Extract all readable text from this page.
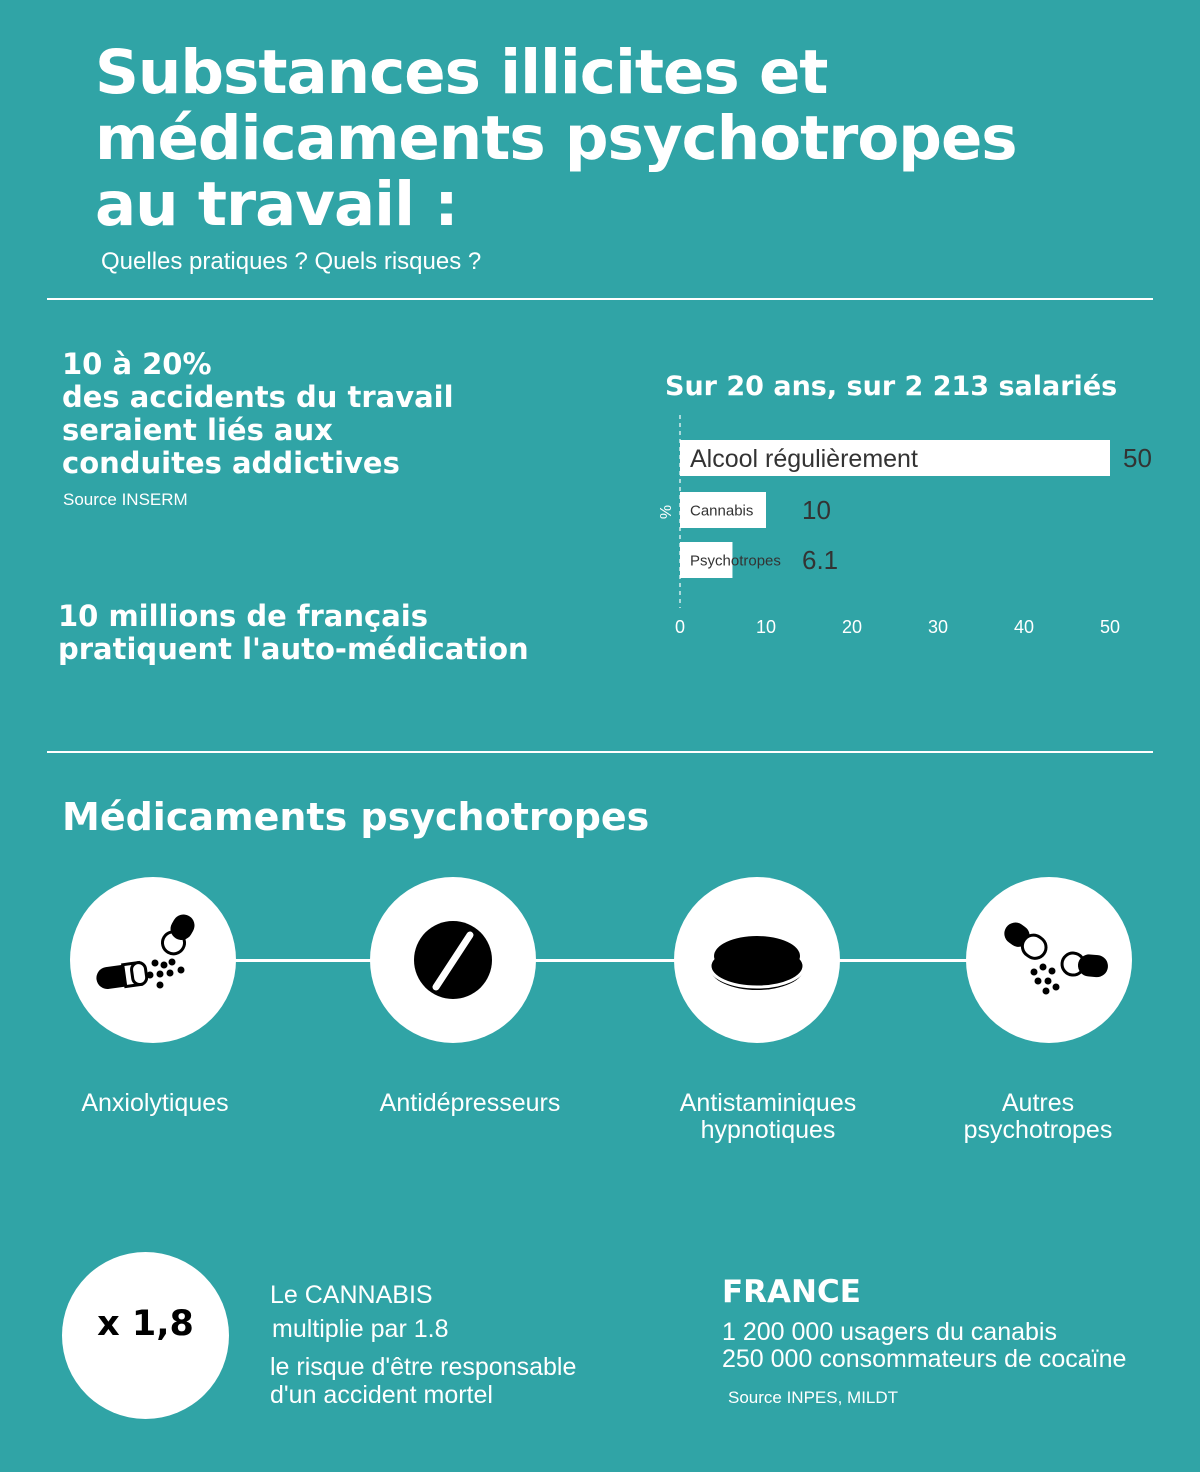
Substances illicites et
médicaments psychotropes
au travail :
Quelles pratiques ? Quels risques ?
10 à 20%
des accidents du travail
seraient liés aux
conduites addictives
Source INSERM
10 millions de français
pratiquent l'auto-médication
Sur 20 ans, sur 2 213 salariés
%
Alcool régulièrement	50
Cannabis 10
Psychotropes 6.1
0	10	20	30	40	50
Médicaments psychotropes
Anxiolytiques	Antidépresseurs	Antistaminiques
hypnotiques
Autres
psychotropes
x 1,8
Le CANNABIS
multiplie par 1.8
le risque d'être responsable
d'un accident mortel
FRANCE
1 200 000 usagers du canabis
250 000 consommateurs de cocaïne
Source INPES, MILDT
